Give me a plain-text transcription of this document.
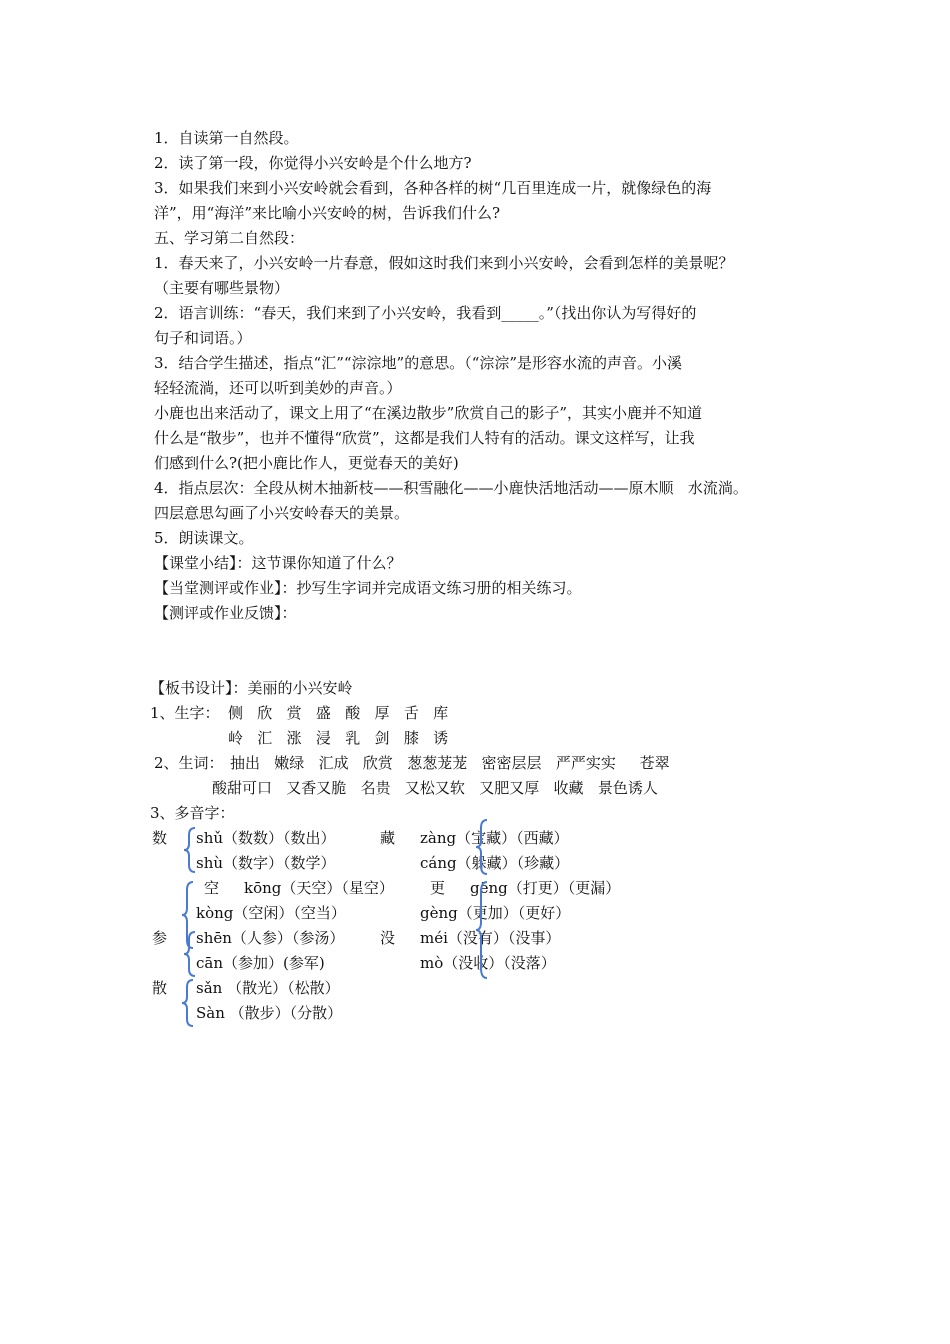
1．自读第一自然段。
2．读了第一段，你觉得小兴安岭是个什么地方?
3．如果我们来到小兴安岭就会看到，各种各样的树“几百里连成一片，就像绿色的海
洋”，用“海洋”来比喻小兴安岭的树，告诉我们什么?
五、学习第二自然段：
1．春天来了，小兴安岭一片春意，假如这时我们来到小兴安岭，会看到怎样的美景呢？
（主要有哪些景物）
2．语言训练：“春天，我们来到了小兴安岭，我看到_____。”（找出你认为写得好的
句子和词语。）
3．结合学生描述，指点“汇”“淙淙地”的意思。（“淙淙”是形容水流的声音。小溪
轻轻流淌，还可以听到美妙的声音。）
小鹿也出来活动了，课文上用了“在溪边散步”欣赏自己的影子”，其实小鹿并不知道
什么是“散步”，也并不懂得“欣赏”，这都是我们人特有的活动。课文这样写，让我
们感到什么?(把小鹿比作人，更觉春天的美好)
4．指点层次：全段从树木抽新枝——积雪融化——小鹿快活地活动——原木顺   水流淌。
四层意思勾画了小兴安岭春天的美景。
5．朗读课文。
【课堂小结】：这节课你知道了什么？
【当堂测评或作业】：抄写生字词并完成语文练习册的相关练习。
【测评或作业反馈】：
【板书设计】：美丽的小兴安岭
1、生字： 侧   欣   赏   盛   酸   厚   舌   库
岭   汇   涨   浸   乳   剑   膝   诱
2、生词： 抽出   嫩绿   汇成   欣赏   葱葱茏茏   密密层层   严严实实     苍翠
酸甜可口   又香又脆   名贵   又松又软   又肥又厚   收藏   景色诱人
3、多音字：
数 shǔ（数数）（数出）
shù（数字）（数学）
藏 zàng（宝藏）（西藏）
cáng（躲藏）（珍藏）
空 kōng（天空）（星空）
kòng（空闲）（空当）
更 gēng（打更）（更漏）
gèng（更加）（更好）
参 shēn（人参）（参汤）
cān（参加）(参军)
没 méi（没有）（没事）
mò（没收）（没落）
散 sǎn （散光）（松散）
Sàn （散步）（分散）
